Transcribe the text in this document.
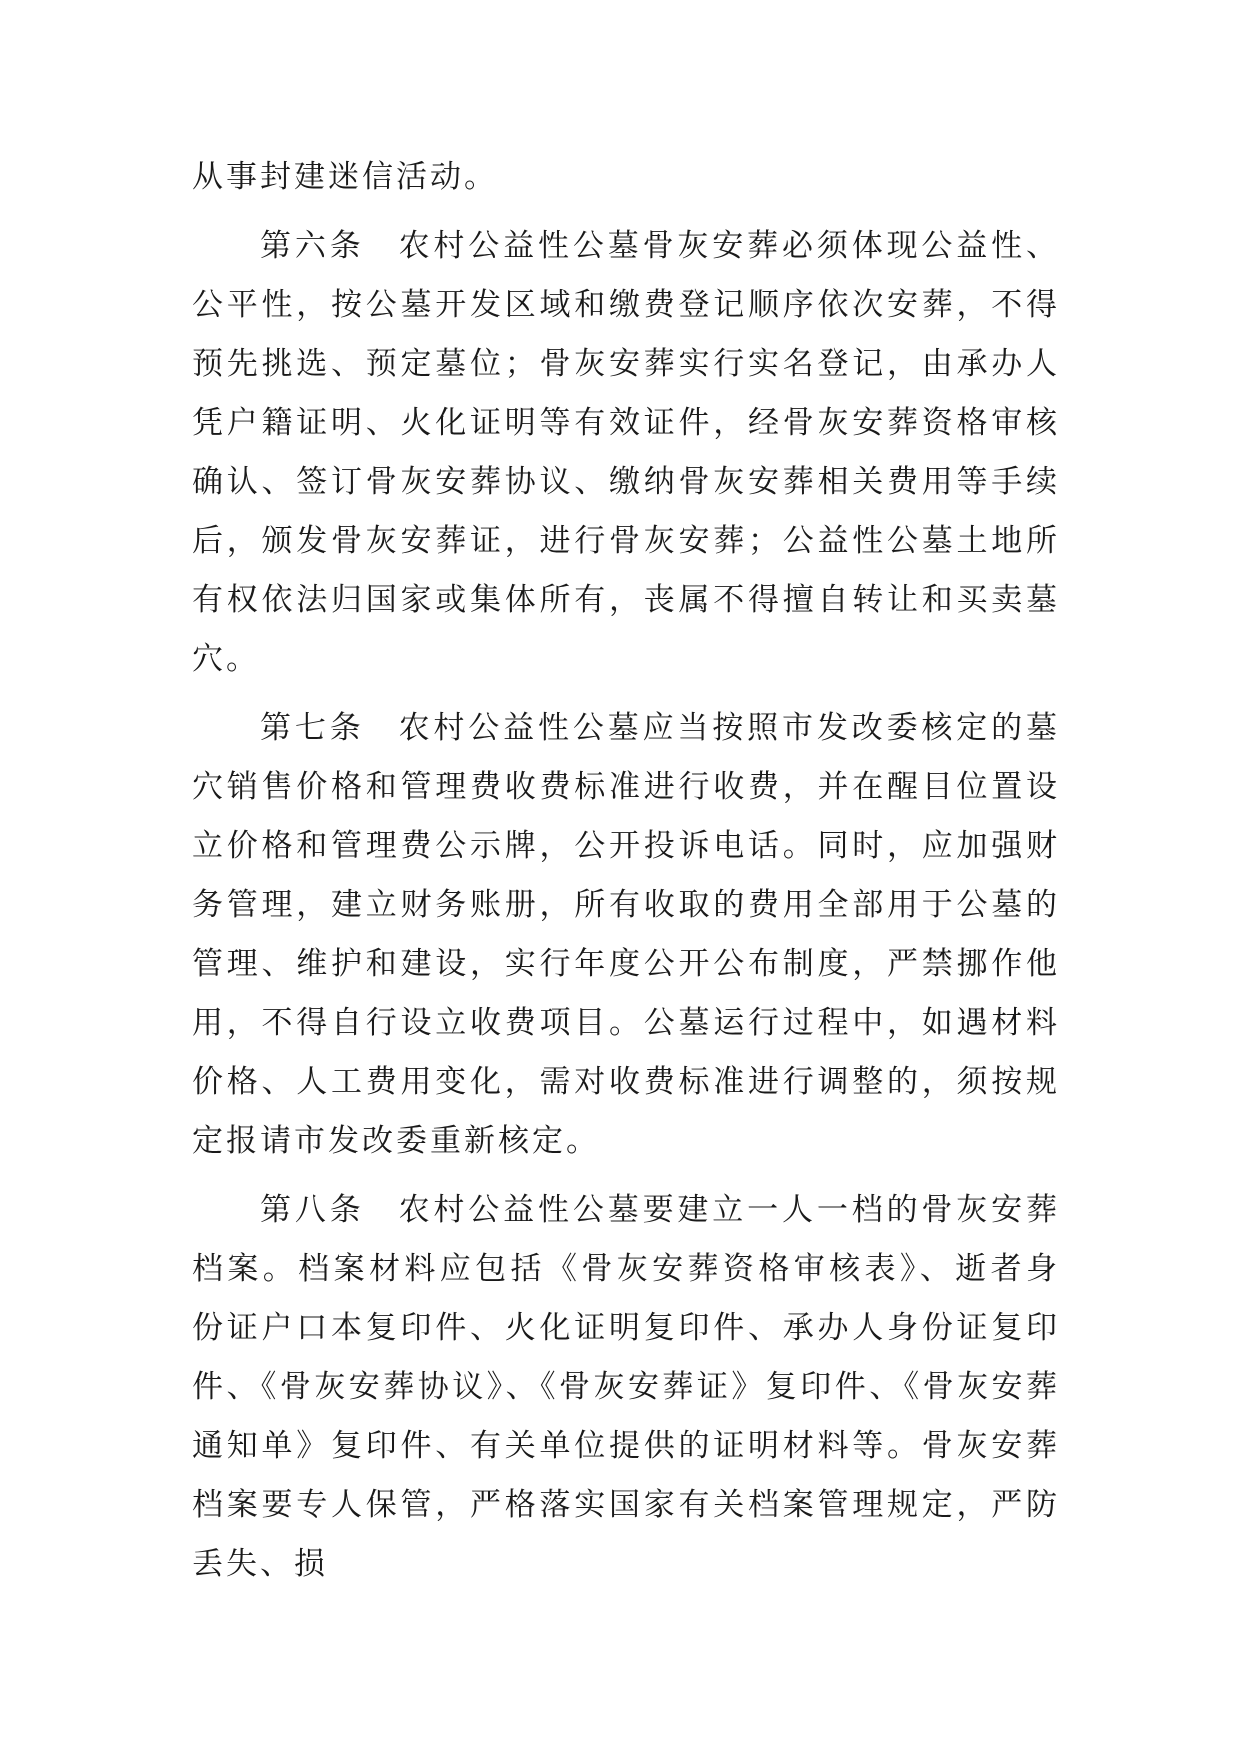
从事封建迷信活动。

第六条 农村公益性公墓骨灰安葬必须体现公益性、公平性，按公墓开发区域和缴费登记顺序依次安葬，不得预先挑选、预定墓位；骨灰安葬实行实名登记，由承办人凭户籍证明、火化证明等有效证件，经骨灰安葬资格审核确认、签订骨灰安葬协议、缴纳骨灰安葬相关费用等手续后，颁发骨灰安葬证，进行骨灰安葬；公益性公墓土地所有权依法归国家或集体所有，丧属不得擅自转让和买卖墓穴。

第七条 农村公益性公墓应当按照市发改委核定的墓穴销售价格和管理费收费标准进行收费，并在醒目位置设立价格和管理费公示牌，公开投诉电话。同时，应加强财务管理，建立财务账册，所有收取的费用全部用于公墓的管理、维护和建设，实行年度公开公布制度，严禁挪作他用，不得自行设立收费项目。公墓运行过程中，如遇材料价格、人工费用变化，需对收费标准进行调整的，须按规定报请市发改委重新核定。

第八条 农村公益性公墓要建立一人一档的骨灰安葬档案。档案材料应包括《骨灰安葬资格审核表》、逝者身份证户口本复印件、火化证明复印件、承办人身份证复印件、《骨灰安葬协议》、《骨灰安葬证》复印件、《骨灰安葬通知单》复印件、有关单位提供的证明材料等。骨灰安葬档案要专人保管，严格落实国家有关档案管理规定，严防丢失、损
